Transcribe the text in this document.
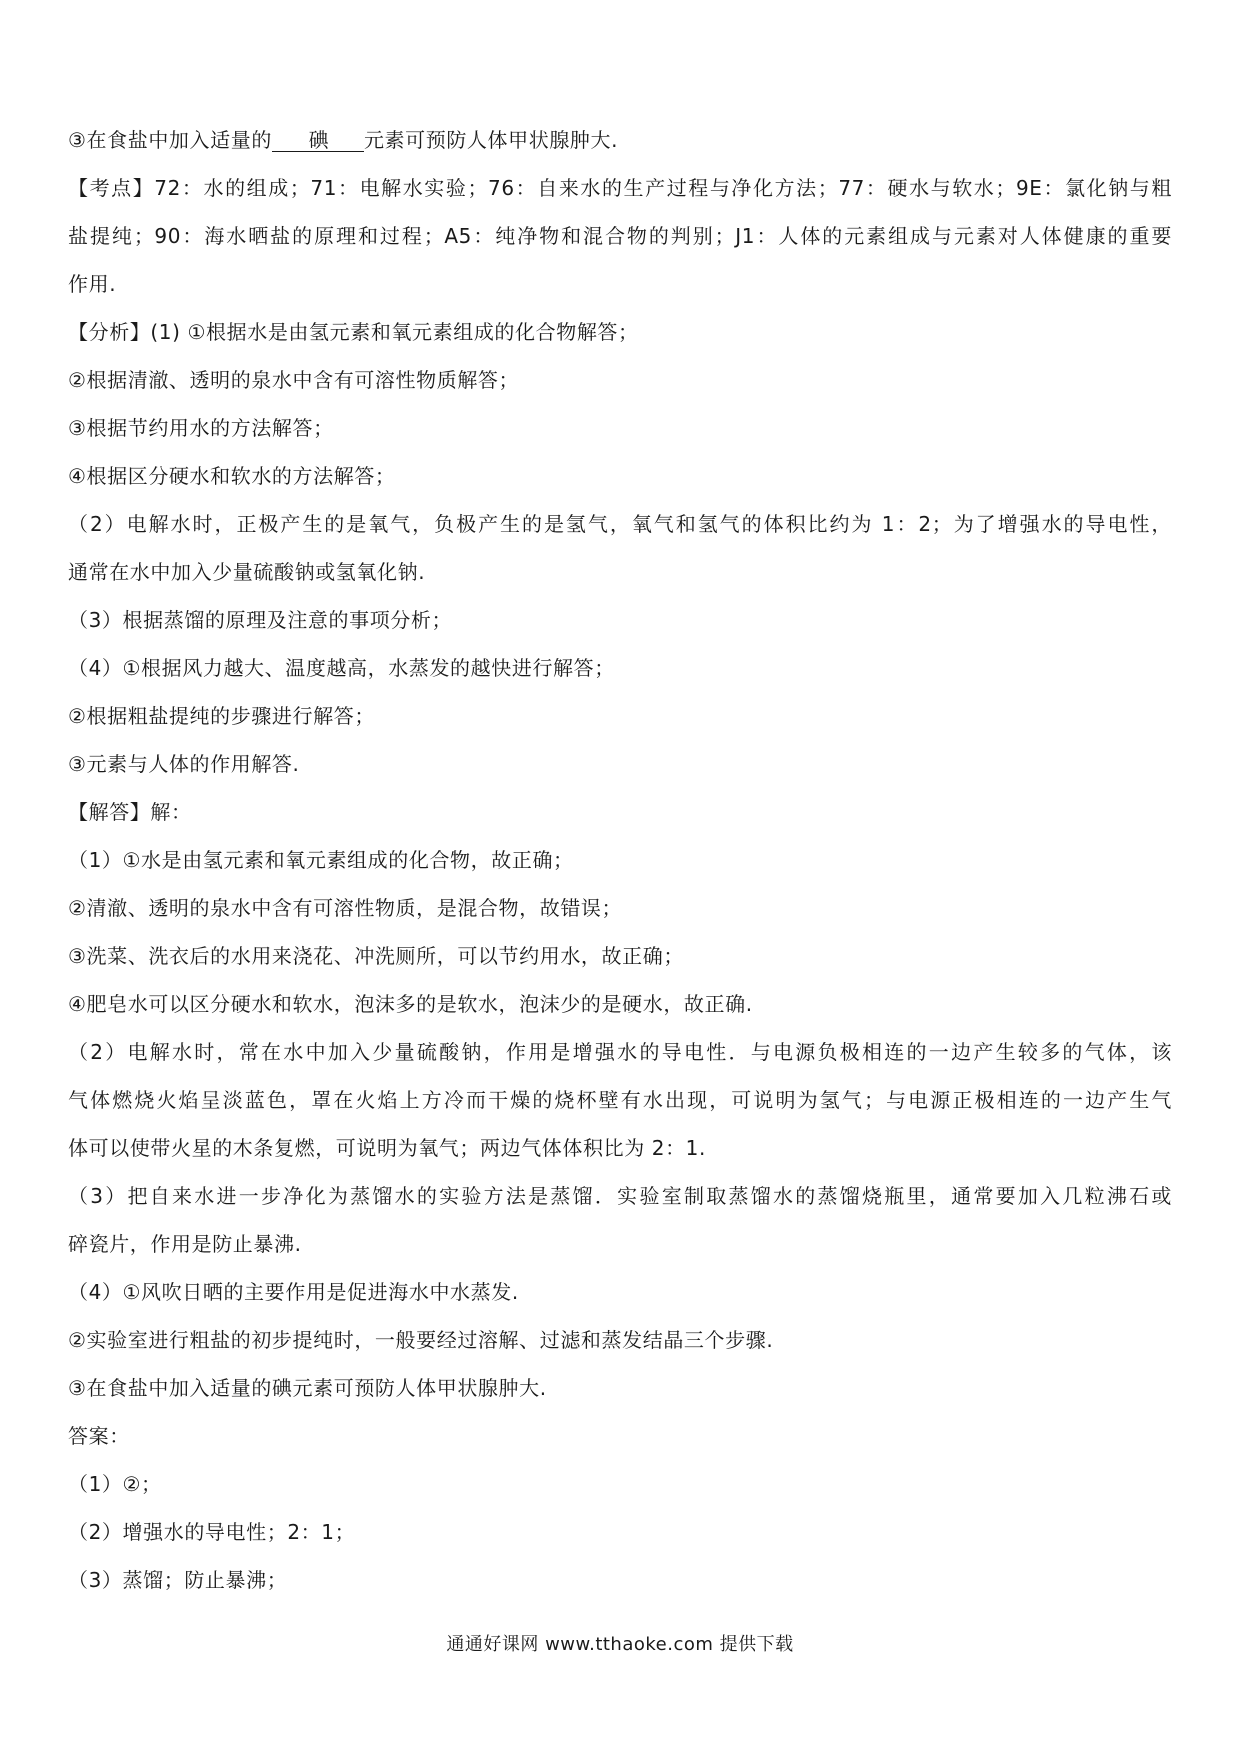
③在食盐中加入适量的 碘 元素可预防人体甲状腺肿大.
【考点】72：水的组成；71：电解水实验；76：自来水的生产过程与净化方法；77：硬水与软水；9E：氯化钠与粗
盐提纯；90：海水晒盐的原理和过程；A5：纯净物和混合物的判别；J1：人体的元素组成与元素对人体健康的重要
作用.
【分析】(1) ①根据水是由氢元素和氧元素组成的化合物解答；
②根据清澈、透明的泉水中含有可溶性物质解答；
③根据节约用水的方法解答；
④根据区分硬水和软水的方法解答；
（2）电解水时，正极产生的是氧气，负极产生的是氢气，氧气和氢气的体积比约为 1：2；为了增强水的导电性，
通常在水中加入少量硫酸钠或氢氧化钠.
（3）根据蒸馏的原理及注意的事项分析；
（4）①根据风力越大、温度越高，水蒸发的越快进行解答；
②根据粗盐提纯的步骤进行解答；
③元素与人体的作用解答.
【解答】解：
（1）①水是由氢元素和氧元素组成的化合物，故正确；
②清澈、透明的泉水中含有可溶性物质，是混合物，故错误；
③洗菜、洗衣后的水用来浇花、冲洗厕所，可以节约用水，故正确；
④肥皂水可以区分硬水和软水，泡沫多的是软水，泡沫少的是硬水，故正确.
（2）电解水时，常在水中加入少量硫酸钠，作用是增强水的导电性．与电源负极相连的一边产生较多的气体，该
气体燃烧火焰呈淡蓝色，罩在火焰上方冷而干燥的烧杯壁有水出现，可说明为氢气；与电源正极相连的一边产生气
体可以使带火星的木条复燃，可说明为氧气；两边气体体积比为 2：1.
（3）把自来水进一步净化为蒸馏水的实验方法是蒸馏．实验室制取蒸馏水的蒸馏烧瓶里，通常要加入几粒沸石或
碎瓷片，作用是防止暴沸.
（4）①风吹日晒的主要作用是促进海水中水蒸发.
②实验室进行粗盐的初步提纯时，一般要经过溶解、过滤和蒸发结晶三个步骤.
③在食盐中加入适量的碘元素可预防人体甲状腺肿大.
答案：
（1）②；
（2）增强水的导电性；2：1；
（3）蒸馏；防止暴沸；
通通好课网 www.tthaoke.com 提供下载
